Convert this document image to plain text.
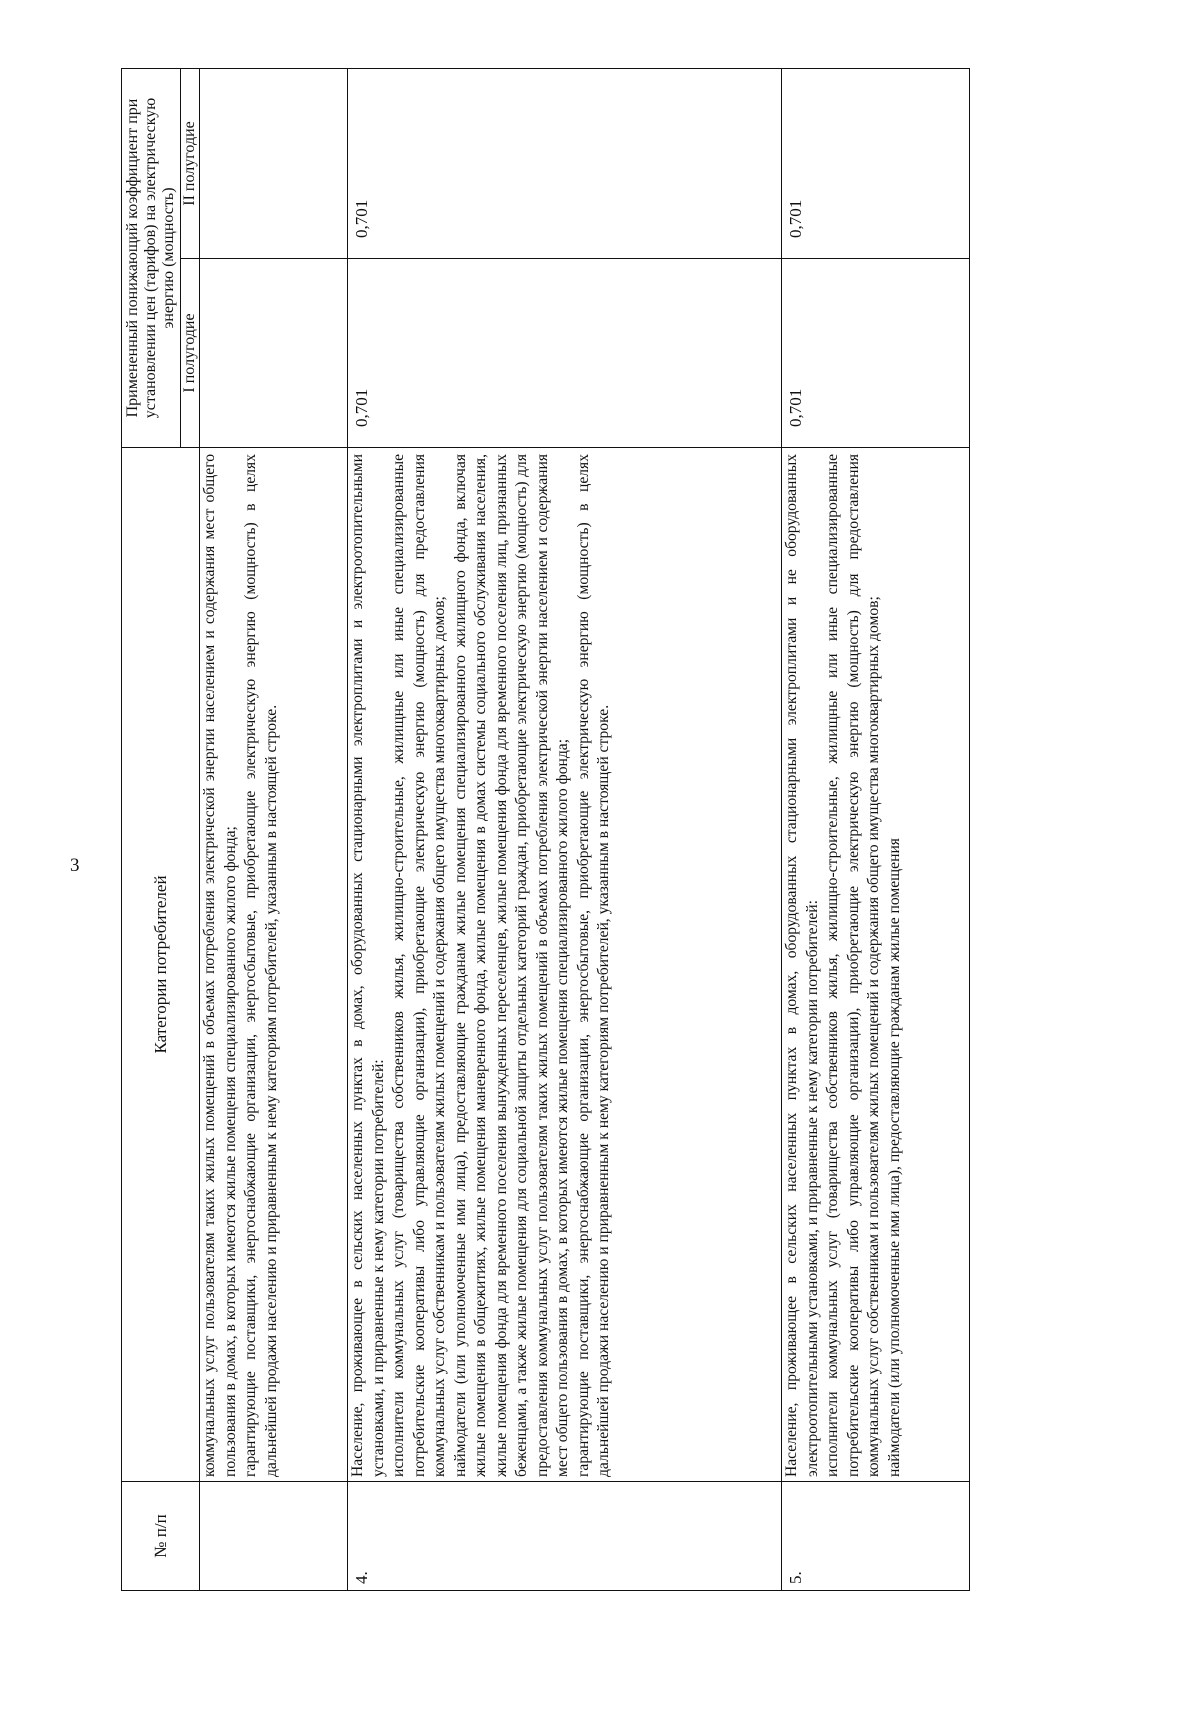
3
№ п/п	Категории потребителей	Примененный понижающий коэффициент при установлении цен (тарифов) на электрическую энергию (мощность)	
		I полугодие	II полугодие

	коммунальных услуг пользователям таких жилых помещений в объемах потребления электрической энергии населением и содержания мест общего пользования в домах, в которых имеются жилые помещения специализированного жилого фонда; гарантирующие поставщики, энергоснабжающие организации, энергосбытовые, приобретающие электрическую энергию (мощность) в целях дальнейшей продажи населению и приравненным к нему категориям потребителей, указанным в настоящей строке.		

4.	Население, проживающее в сельских населенных пунктах в домах, оборудованных стационарными электроплитами и электроотопительными установками, и приравненные к нему категории потребителей: исполнители коммунальных услуг (товарищества собственников жилья, жилищно-строительные, жилищные или иные специализированные потребительские кооперативы либо управляющие организации), приобретающие электрическую энергию (мощность) для предоставления коммунальных услуг собственникам и пользователям жилых помещений и содержания общего имущества многоквартирных домов; наймодатели (или уполномоченные ими лица), предоставляющие гражданам жилые помещения специализированного жилищного фонда, включая жилые помещения в общежитиях, жилые помещения маневренного фонда, жилые помещения в домах системы социального обслуживания населения, жилые помещения фонда для временного поселения вынужденных переселенцев, жилые помещения фонда для временного поселения лиц, признанных беженцами, а также жилые помещения для социальной защиты отдельных категорий граждан, приобретающие электрическую энергию (мощность) для предоставления коммунальных услуг пользователям таких жилых помещений в объемах потребления электрической энергии населением и содержания мест общего пользования в домах, в которых имеются жилые помещения специализированного жилого фонда; гарантирующие поставщики, энергоснабжающие организации, энергосбытовые, приобретающие электрическую энергию (мощность) в целях дальнейшей продажи населению и приравненным к нему категориям потребителей, указанным в настоящей строке.	0,701	0,701
5.	Население, проживающее в сельских населенных пунктах в домах, оборудованных стационарными электроплитами и не оборудованных электроотопительными установками, и приравненные к нему категории потребителей: исполнители коммунальных услуг (товарищества собственников жилья, жилищно-строительные, жилищные или иные специализированные потребительские кооперативы либо управляющие организации), приобретающие электрическую энергию (мощность) для предоставления коммунальных услуг собственникам и пользователям жилых помещений и содержания общего имущества многоквартирных домов; наймодатели (или уполномоченные ими лица), предоставляющие гражданам жилые помещения	0,701	0,701
